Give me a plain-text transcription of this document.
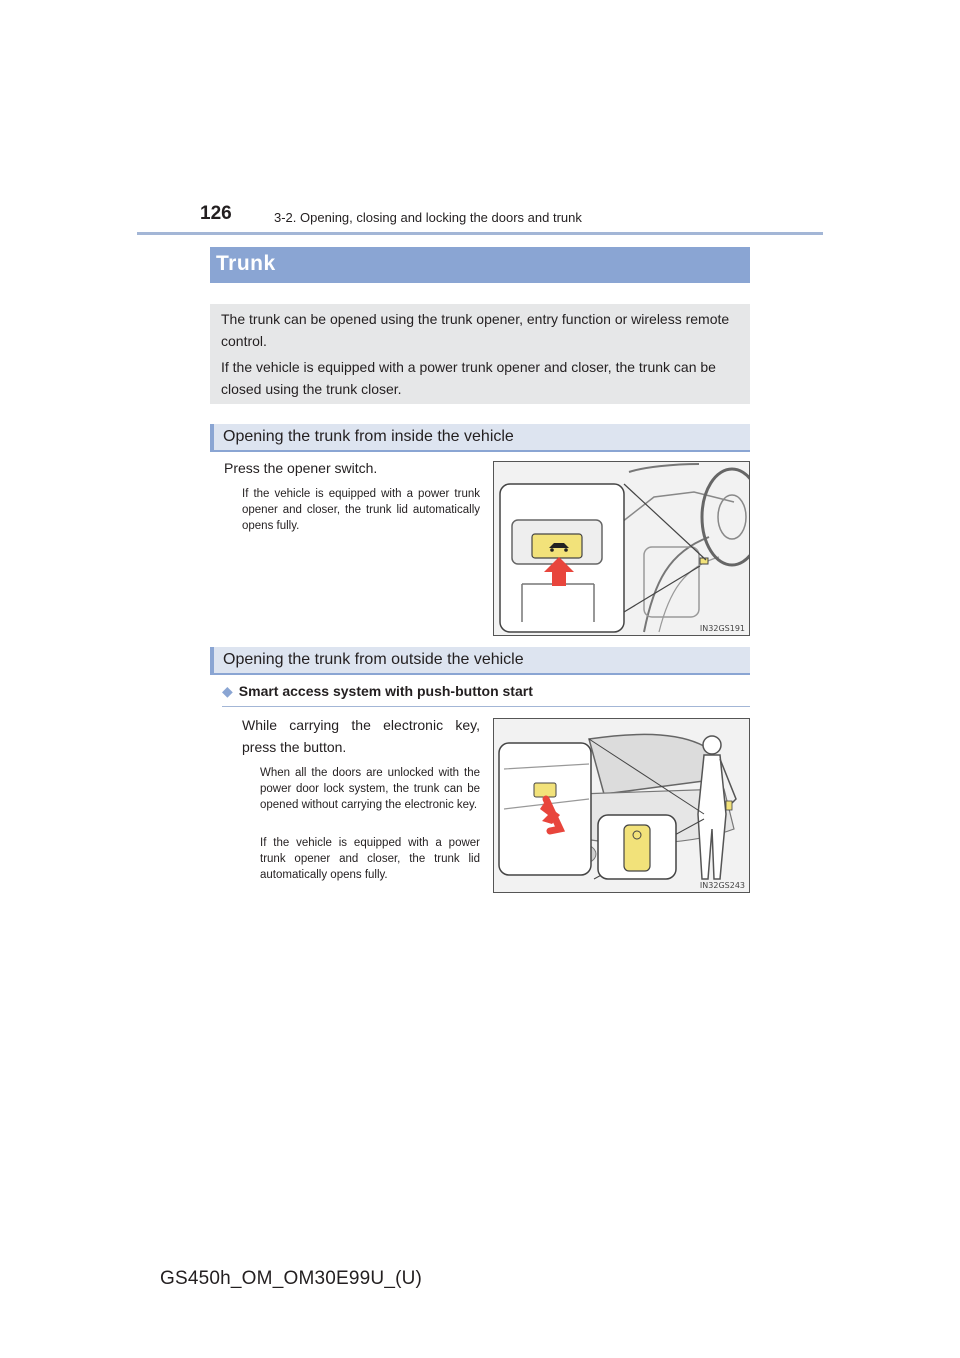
126	3-2. Opening, closing and locking the doors and trunk
Trunk

The trunk can be opened using the trunk opener, entry function or wireless remote control.

If the vehicle is equipped with a power trunk opener and closer, the trunk can be closed using the trunk closer.

Opening the trunk from inside the vehicle
Press the opener switch.
If the vehicle is equipped with a power trunk opener and closer, the trunk lid automatically opens fully.
IN32GS191
Opening the trunk from outside the vehicle
◆ Smart access system with push-button start
While carrying the electronic key, press the button.
When all the doors are unlocked with the power door lock system, the trunk can be opened without carrying the electronic key.
If the vehicle is equipped with a power trunk opener and closer, the trunk lid automatically opens fully.
IN32GS243
GS450h_OM_OM30E99U_(U)
